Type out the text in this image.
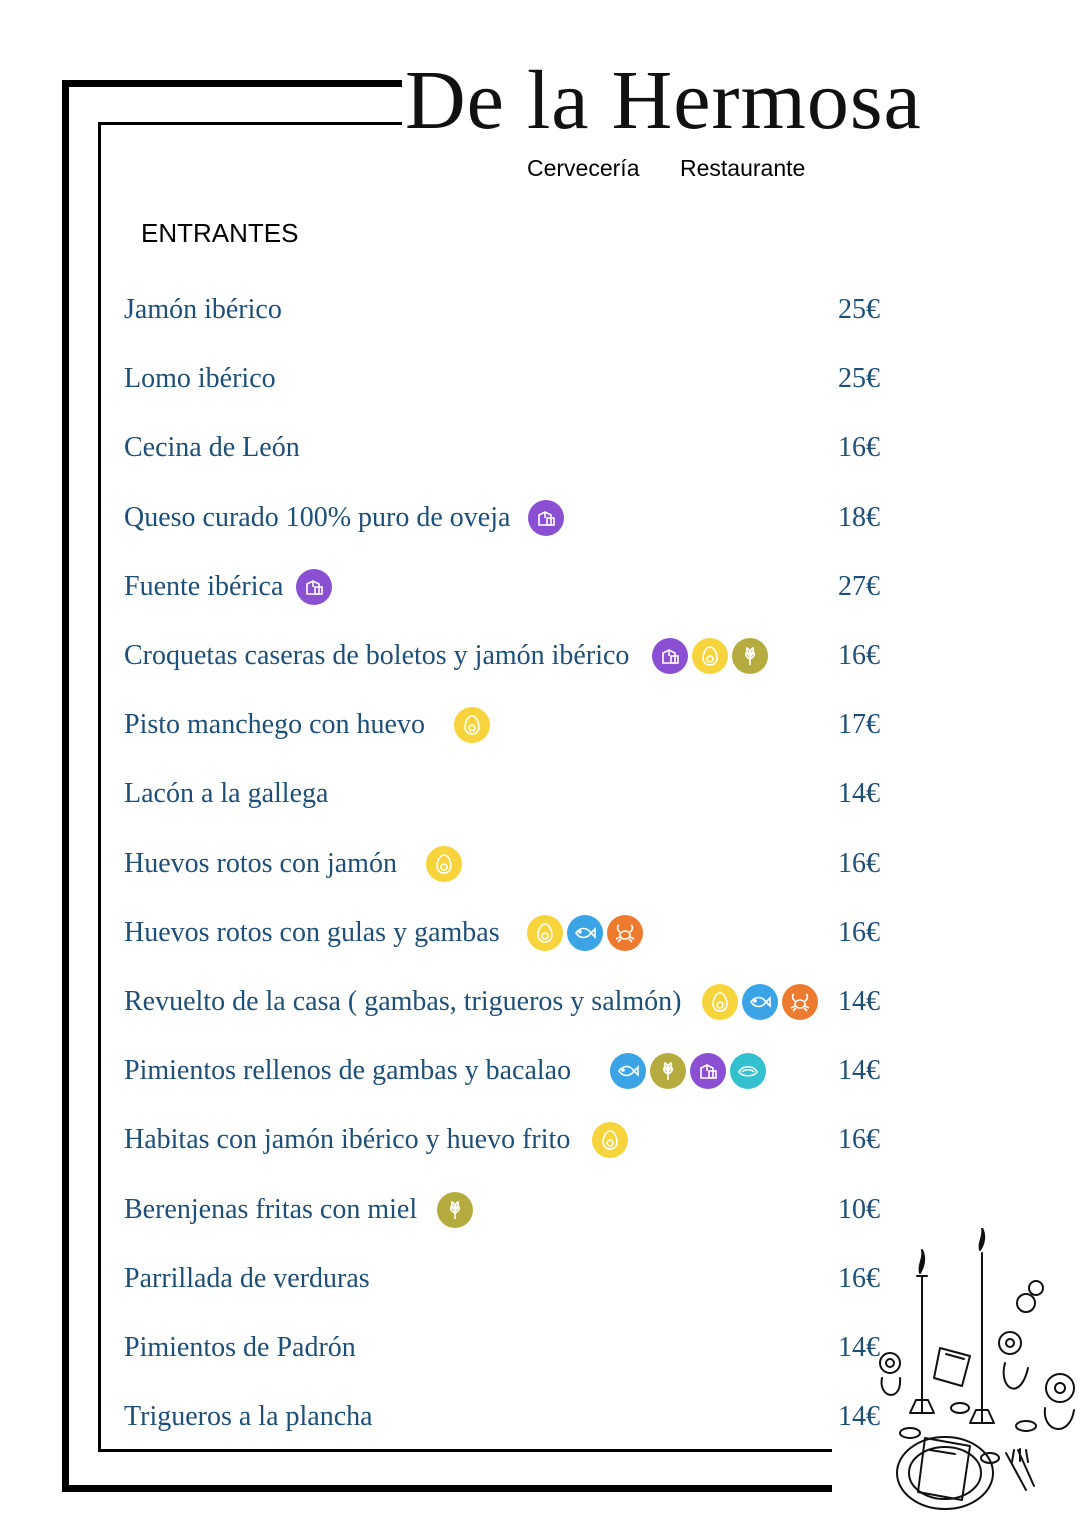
De la Hermosa
Cervecería Restaurante
ENTRANTES
Jamón ibérico	25€
Lomo ibérico	25€
Cecina de León	16€
Queso curado 100% puro de oveja	18€
Fuente ibérica	27€
Croquetas caseras de boletos y jamón ibérico	16€
Pisto manchego con huevo	17€
Lacón a la gallega	14€
Huevos rotos con jamón	16€
Huevos rotos con gulas y gambas	16€
Revuelto de la casa ( gambas, trigueros y salmón)	14€
Pimientos rellenos de gambas y bacalao	14€
Habitas con jamón ibérico y huevo frito	16€
Berenjenas fritas con miel	10€
Parrillada de verduras	16€
Pimientos de Padrón	14€
Trigueros a la plancha	14€
